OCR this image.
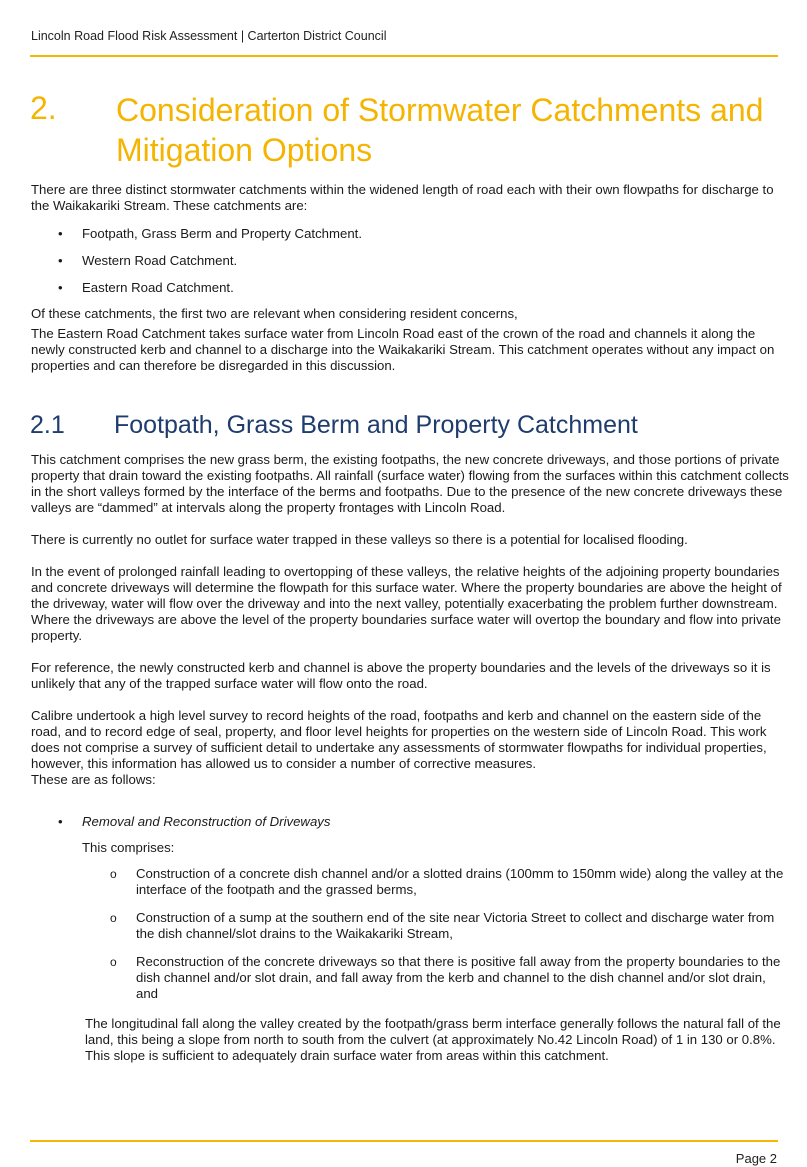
Lincoln Road Flood Risk Assessment | Carterton District Council
2. Consideration of Stormwater Catchments and Mitigation Options
There are three distinct stormwater catchments within the widened length of road each with their own flowpaths for discharge to the Waikakariki Stream. These catchments are:
• Footpath, Grass Berm and Property Catchment.
• Western Road Catchment.
• Eastern Road Catchment.
Of these catchments, the first two are relevant when considering resident concerns,
The Eastern Road Catchment takes surface water from Lincoln Road east of the crown of the road and channels it along the newly constructed kerb and channel to a discharge into the Waikakariki Stream. This catchment operates without any impact on properties and can therefore be disregarded in this discussion.
2.1 Footpath, Grass Berm and Property Catchment
This catchment comprises the new grass berm, the existing footpaths, the new concrete driveways, and those portions of private property that drain toward the existing footpaths. All rainfall (surface water) flowing from the surfaces within this catchment collects in the short valleys formed by the interface of the berms and footpaths. Due to the presence of the new concrete driveways these valleys are “dammed” at intervals along the property frontages with Lincoln Road.
There is currently no outlet for surface water trapped in these valleys so there is a potential for localised flooding.
In the event of prolonged rainfall leading to overtopping of these valleys, the relative heights of the adjoining property boundaries and concrete driveways will determine the flowpath for this surface water. Where the property boundaries are above the height of the driveway, water will flow over the driveway and into the next valley, potentially exacerbating the problem further downstream. Where the driveways are above the level of the property boundaries surface water will overtop the boundary and flow into private property.
For reference, the newly constructed kerb and channel is above the property boundaries and the levels of the driveways so it is unlikely that any of the trapped surface water will flow onto the road.
Calibre undertook a high level survey to record heights of the road, footpaths and kerb and channel on the eastern side of the road, and to record edge of seal, property, and floor level heights for properties on the western side of Lincoln Road. This work does not comprise a survey of sufficient detail to undertake any assessments of stormwater flowpaths for individual properties, however, this information has allowed us to consider a number of corrective measures.
These are as follows:
• Removal and Reconstruction of Driveways
This comprises:
o Construction of a concrete dish channel and/or a slotted drains (100mm to 150mm wide) along the valley at the interface of the footpath and the grassed berms,
o Construction of a sump at the southern end of the site near Victoria Street to collect and discharge water from the dish channel/slot drains to the Waikakariki Stream,
o Reconstruction of the concrete driveways so that there is positive fall away from the property boundaries to the dish channel and/or slot drain, and fall away from the kerb and channel to the dish channel and/or slot drain, and
The longitudinal fall along the valley created by the footpath/grass berm interface generally follows the natural fall of the land, this being a slope from north to south from the culvert (at approximately No.42 Lincoln Road) of 1 in 130 or 0.8%. This slope is sufficient to adequately drain surface water from areas within this catchment.
Page 2
